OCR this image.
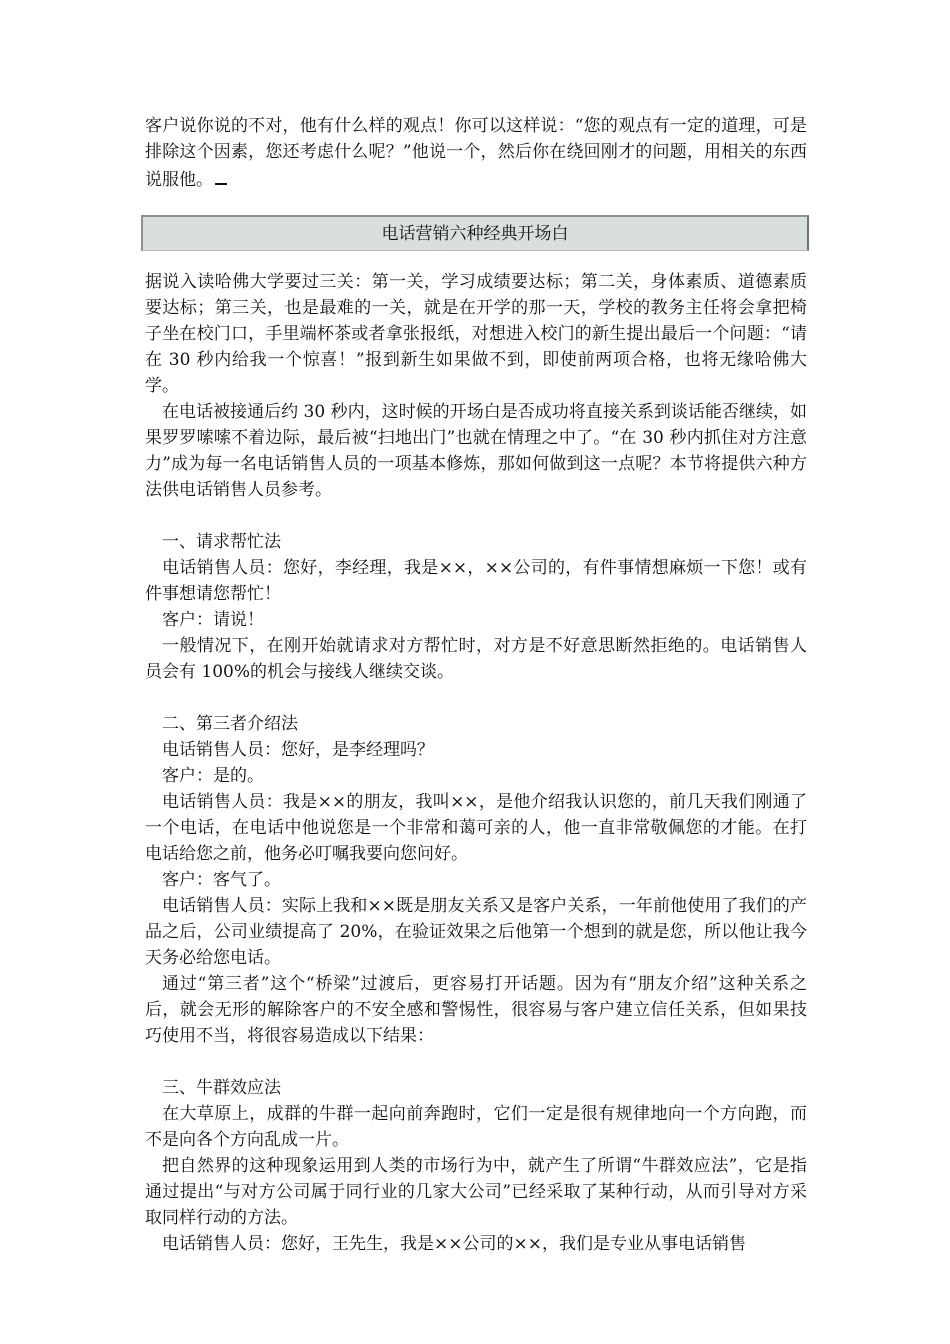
客户说你说的不对，他有什么样的观点！你可以这样说：“您的观点有一定的道理，可是排除这个因素，您还考虑什么呢？”他说一个，然后你在绕回刚才的问题，用相关的东西说服他。
电话营销六种经典开场白

据说入读哈佛大学要过三关：第一关，学习成绩要达标；第二关，身体素质、道德素质要达标；第三关，也是最难的一关，就是在开学的那一天，学校的教务主任将会拿把椅子坐在校门口，手里端杯茶或者拿张报纸，对想进入校门的新生提出最后一个问题：“请在 30 秒内给我一个惊喜！”报到新生如果做不到，即使前两项合格，也将无缘哈佛大学。

在电话被接通后约 30 秒内，这时候的开场白是否成功将直接关系到谈话能否继续，如果罗罗嗦嗦不着边际，最后被“扫地出门”也就在情理之中了。“在 30 秒内抓住对方注意力”成为每一名电话销售人员的一项基本修炼，那如何做到这一点呢？本节将提供六种方法供电话销售人员参考。

一、请求帮忙法

电话销售人员：您好，李经理，我是××，××公司的，有件事情想麻烦一下您！或有件事想请您帮忙！

客户：请说！

一般情况下，在刚开始就请求对方帮忙时，对方是不好意思断然拒绝的。电话销售人员会有 100%的机会与接线人继续交谈。

二、第三者介绍法

电话销售人员：您好，是李经理吗？

客户：是的。

电话销售人员：我是××的朋友，我叫××，是他介绍我认识您的，前几天我们刚通了一个电话，在电话中他说您是一个非常和蔼可亲的人，他一直非常敬佩您的才能。在打电话给您之前，他务必叮嘱我要向您问好。

客户：客气了。

电话销售人员：实际上我和××既是朋友关系又是客户关系，一年前他使用了我们的产品之后，公司业绩提高了 20%，在验证效果之后他第一个想到的就是您，所以他让我今天务必给您电话。

通过“第三者”这个“桥梁”过渡后，更容易打开话题。因为有“朋友介绍”这种关系之后，就会无形的解除客户的不安全感和警惕性，很容易与客户建立信任关系，但如果技巧使用不当，将很容易造成以下结果：

三、牛群效应法

在大草原上，成群的牛群一起向前奔跑时，它们一定是很有规律地向一个方向跑，而不是向各个方向乱成一片。

把自然界的这种现象运用到人类的市场行为中，就产生了所谓“牛群效应法”，它是指通过提出“与对方公司属于同行业的几家大公司”已经采取了某种行动，从而引导对方采取同样行动的方法。

电话销售人员：您好，王先生，我是××公司的××，我们是专业从事电话销售
